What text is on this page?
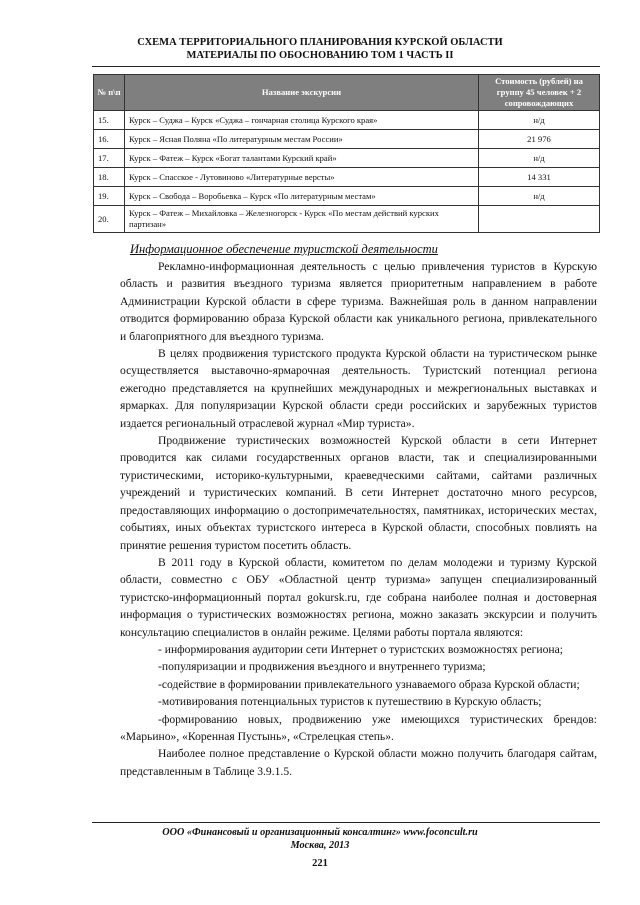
СХЕМА ТЕРРИТОРИАЛЬНОГО ПЛАНИРОВАНИЯ КУРСКОЙ ОБЛАСТИ
МАТЕРИАЛЫ ПО ОБОСНОВАНИЮ ТОМ 1 ЧАСТЬ II
№ п\п	Название экскурсии	Стоимость (рублей) на группу 45 человек + 2 сопровождающих
15.	Курск – Суджа – Курск «Суджа – гончарная столица Курского края»	н/д
16.	Курск – Ясная Поляна «По литературным местам России»	21 976
17.	Курск – Фатеж – Курск «Богат талантами Курский край»	н/д
18.	Курск – Спасское - Лутовиново «Литературные версты»	14 331
19.	Курск – Свобода – Воробьевка – Курск «По литературным местам»	н/д
20.	Курск – Фатеж – Михайловка – Железногорск - Курск «По местам действий курских партизан»	
Информационное обеспечение туристской деятельности

Рекламно-информационная деятельность с целью привлечения туристов в Курскую область и развития въездного туризма является приоритетным направлением в работе Администрации Курской области в сфере туризма. Важнейшая роль в данном направлении отводится формированию образа Курской области как уникального региона, привлекательного и благоприятного для въездного туризма.

В целях продвижения туристского продукта Курской области на туристическом рынке осуществляется выставочно-ярмарочная деятельность. Туристский потенциал региона ежегодно представляется на крупнейших международных и межрегиональных выставках и ярмарках. Для популяризации Курской области среди российских и зарубежных туристов издается региональный отраслевой журнал «Мир туриста».

Продвижение туристических возможностей Курской области в сети Интернет проводится как силами государственных органов власти, так и специализированными туристическими, историко-культурными, краеведческими сайтами, сайтами различных учреждений и туристических компаний. В сети Интернет достаточно много ресурсов, предоставляющих информацию о достопримечательностях, памятниках, исторических местах, событиях, иных объектах туристского интереса в Курской области, способных повлиять на принятие решения туристом посетить область.

В 2011 году в Курской области, комитетом по делам молодежи и туризму Курской области, совместно с ОБУ «Областной центр туризма» запущен специализированный туристско-информационный портал gokursk.ru, где собрана наиболее полная и достоверная информация о туристических возможностях региона, можно заказать экскурсии и получить консультацию специалистов в онлайн режиме. Целями работы портала являются:

- информирования аудитории сети Интернет о туристских возможностях региона;

-популяризации и продвижения въездного и внутреннего туризма;

-содействие в формировании привлекательного узнаваемого образа Курской области;

-мотивирования потенциальных туристов к путешествию в Курскую область;

-формированию новых, продвижению уже имеющихся туристических брендов: «Марьино», «Коренная Пустынь», «Стрелецкая степь».

Наиболее полное представление о Курской области можно получить благодаря сайтам, представленным в Таблице 3.9.1.5.

ООО «Финансовый и организационный консалтинг» www.foconcult.ru
Москва, 2013
221
